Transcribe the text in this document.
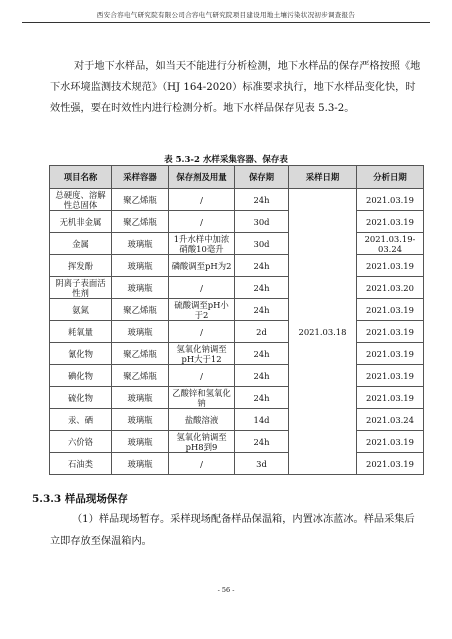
西安合容电气研究院有限公司合容电气研究院项目建设用地土壤污染状况初步调查报告

对于地下水样品，如当天不能进行分析检测，地下水样品的保存严格按照《地下水环境监测技术规范》（HJ 164-2020）标准要求执行，地下水样品变化快，时效性强，要在时效性内进行检测分析。地下水样品保存见表 5.3-2。

表 5.3-2 水样采集容器、保存表
项目名称	采样容器	保存剂及用量	保存期	采样日期	分析日期
总硬度、溶解性总固体	聚乙烯瓶	/	24h	2021.03.18	2021.03.19
无机非金属	聚乙烯瓶	/	30d		2021.03.19
金属	玻璃瓶	1升水样中加浓硝酸10毫升	30d		2021.03.19-03.24
挥发酚	玻璃瓶	磷酸调至pH为2	24h		2021.03.19
阴离子表面活性剂	玻璃瓶	/	24h		2021.03.20
氨氮	聚乙烯瓶	硫酸调至pH小于2	24h		2021.03.19
耗氧量	玻璃瓶	/	2d		2021.03.19
氰化物	聚乙烯瓶	氢氧化钠调至pH大于12	24h		2021.03.19
碘化物	聚乙烯瓶	/	24h		2021.03.19
硫化物	玻璃瓶	乙酸锌和氢氧化钠	24h		2021.03.19
汞、硒	玻璃瓶	盐酸溶液	14d		2021.03.24
六价铬	玻璃瓶	氢氧化钠调至pH8到9	24h		2021.03.19
石油类	玻璃瓶	/	3d		2021.03.19
5.3.3 样品现场保存

（1）样品现场暂存。采样现场配备样品保温箱，内置冰冻蓝冰。样品采集后立即存放至保温箱内。

- 56 -
